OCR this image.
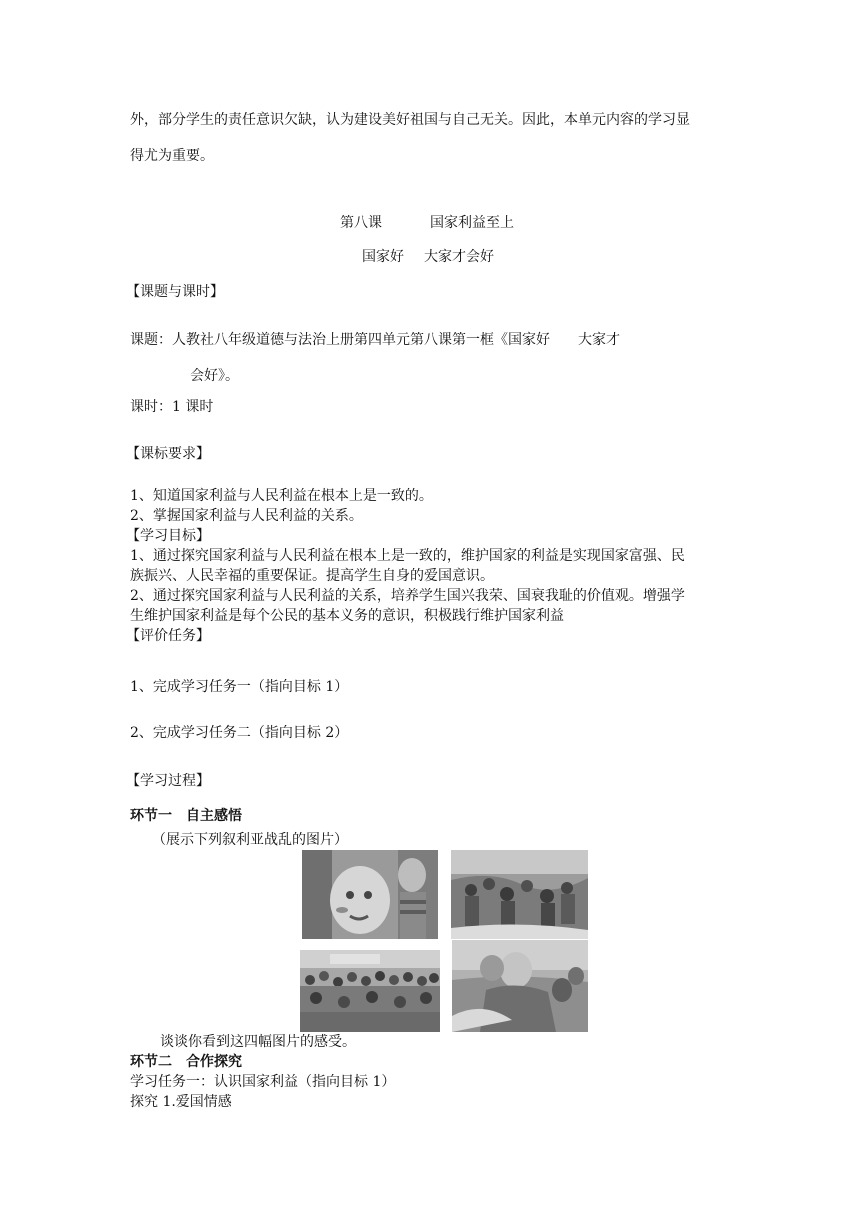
外，部分学生的责任意识欠缺，认为建设美好祖国与自己无关。因此，本单元内容的学习显
得尤为重要。
第八课	国家利益至上
国家好 大家才会好
【课题与课时】
课题：人教社八年级道德与法治上册第四单元第八课第一框《国家好　　大家才
会好》。
课时：1 课时
【课标要求】
1、知道国家利益与人民利益在根本上是一致的。
2、掌握国家利益与人民利益的关系。
【学习目标】
1、通过探究国家利益与人民利益在根本上是一致的，维护国家的利益是实现国家富强、民
族振兴、人民幸福的重要保证。提高学生自身的爱国意识。
2、通过探究国家利益与人民利益的关系，培养学生国兴我荣、国衰我耻的价值观。增强学
生维护国家利益是每个公民的基本义务的意识，积极践行维护国家利益
【评价任务】
1、完成学习任务一（指向目标 1）
2、完成学习任务二（指向目标 2）
【学习过程】
环节一　自主感悟
（展示下列叙利亚战乱的图片）
谈谈你看到这四幅图片的感受。
环节二　合作探究
学习任务一：认识国家利益（指向目标 1）
探究 1.爱国情感
